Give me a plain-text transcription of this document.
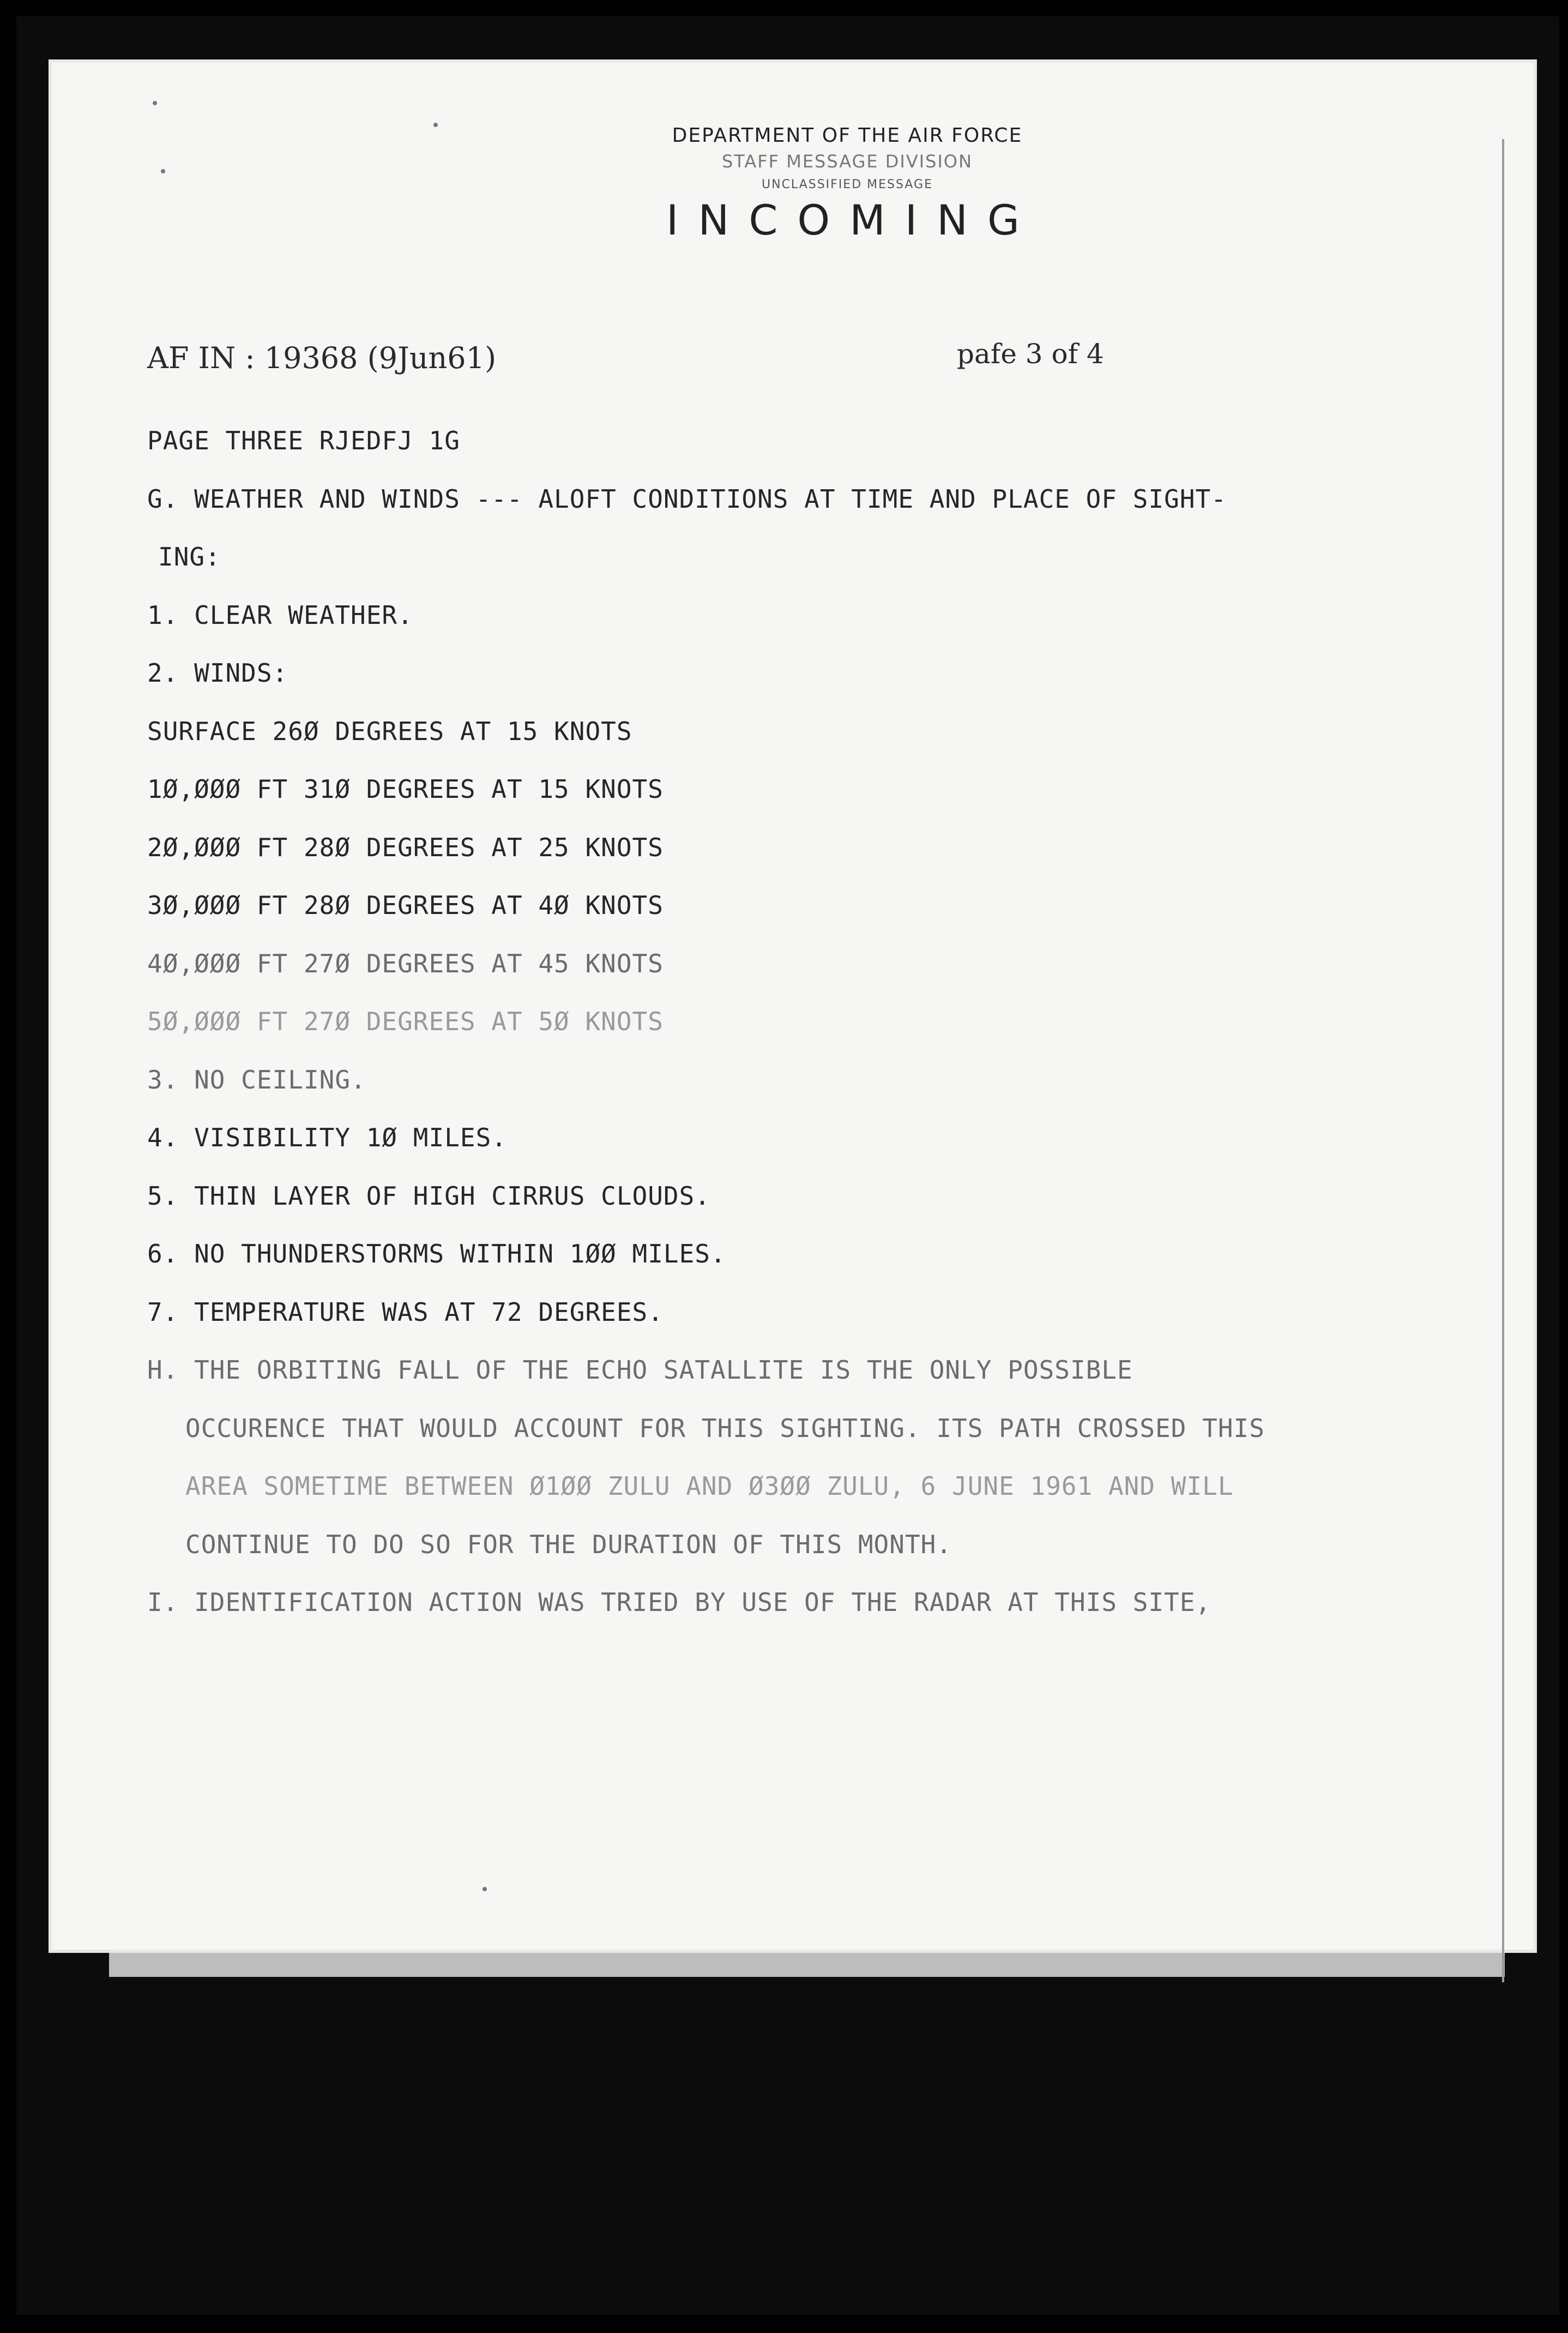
DEPARTMENT OF THE AIR FORCE
STAFF MESSAGE DIVISION
UNCLASSIFIED MESSAGE
INCOMING
AF IN : 19368 (9Jun61)	pafe 3 of 4
PAGE THREE RJEDFJ 1G
G. WEATHER AND WINDS --- ALOFT CONDITIONS AT TIME AND PLACE OF SIGHT-
ING:
1. CLEAR WEATHER.
2. WINDS:
SURFACE 26Ø DEGREES AT 15 KNOTS
1Ø,ØØØ FT 31Ø DEGREES AT 15 KNOTS
2Ø,ØØØ FT 28Ø DEGREES AT 25 KNOTS
3Ø,ØØØ FT 28Ø DEGREES AT 4Ø KNOTS
4Ø,ØØØ FT 27Ø DEGREES AT 45 KNOTS
5Ø,ØØØ FT 27Ø DEGREES AT 5Ø KNOTS
3. NO CEILING.
4. VISIBILITY 1Ø MILES.
5. THIN LAYER OF HIGH CIRRUS CLOUDS.
6. NO THUNDERSTORMS WITHIN 1ØØ MILES.
7. TEMPERATURE WAS AT 72 DEGREES.
H. THE ORBITING FALL OF THE ECHO SATALLITE IS THE ONLY POSSIBLE
OCCURENCE THAT WOULD ACCOUNT FOR THIS SIGHTING. ITS PATH CROSSED THIS
AREA SOMETIME BETWEEN Ø1ØØ ZULU AND Ø3ØØ ZULU, 6 JUNE 1961 AND WILL
CONTINUE TO DO SO FOR THE DURATION OF THIS MONTH.
I. IDENTIFICATION ACTION WAS TRIED BY USE OF THE RADAR AT THIS SITE,
